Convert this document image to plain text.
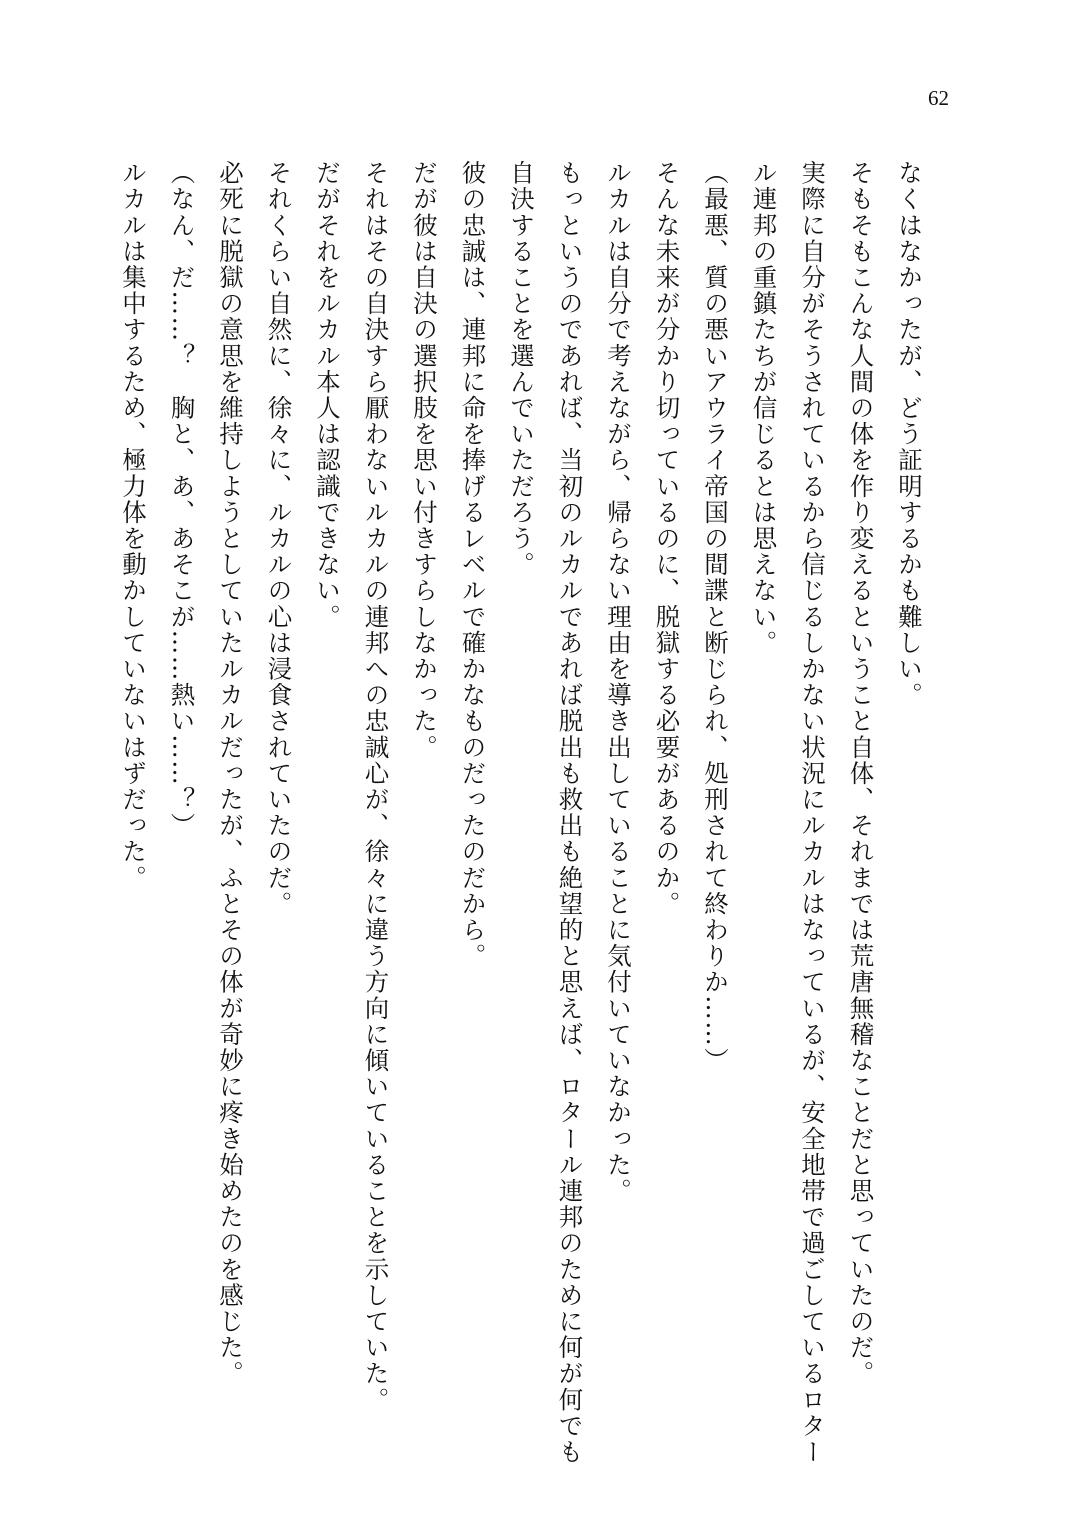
62

なくはなかったが、どう証明するかも難しい。

そもそもこんな人間の体を作り変えるということ自体、それまでは荒唐無稽なことだと思っていたのだ。

実際に自分がそうされているから信じるしかない状況にルカルはなっているが、安全地帯で過ごしているロター

ル連邦の重鎮たちが信じるとは思えない。

（最悪、質の悪いアウライ帝国の間諜と断じられ、処刑されて終わりか……）

そんな未来が分かり切っているのに、脱獄する必要があるのか。

ルカルは自分で考えながら、帰らない理由を導き出していることに気付いていなかった。

もっというのであれば、当初のルカルであれば脱出も救出も絶望的と思えば、ロタール連邦のために何が何でも

自決することを選んでいただろう。

彼の忠誠は、連邦に命を捧げるレベルで確かなものだったのだから。

だが彼は自決の選択肢を思い付きすらしなかった。

それはその自決すら厭わないルカルの連邦への忠誠心が、徐々に違う方向に傾いていることを示していた。

だがそれをルカル本人は認識できない。

それくらい自然に、徐々に、ルカルの心は浸食されていたのだ。

必死に脱獄の意思を維持しようとしていたルカルだったが、ふとその体が奇妙に疼き始めたのを感じた。

（なん、だ……？　胸と、あ、あそこが……熱い……？）

ルカルは集中するため、極力体を動かしていないはずだった。
